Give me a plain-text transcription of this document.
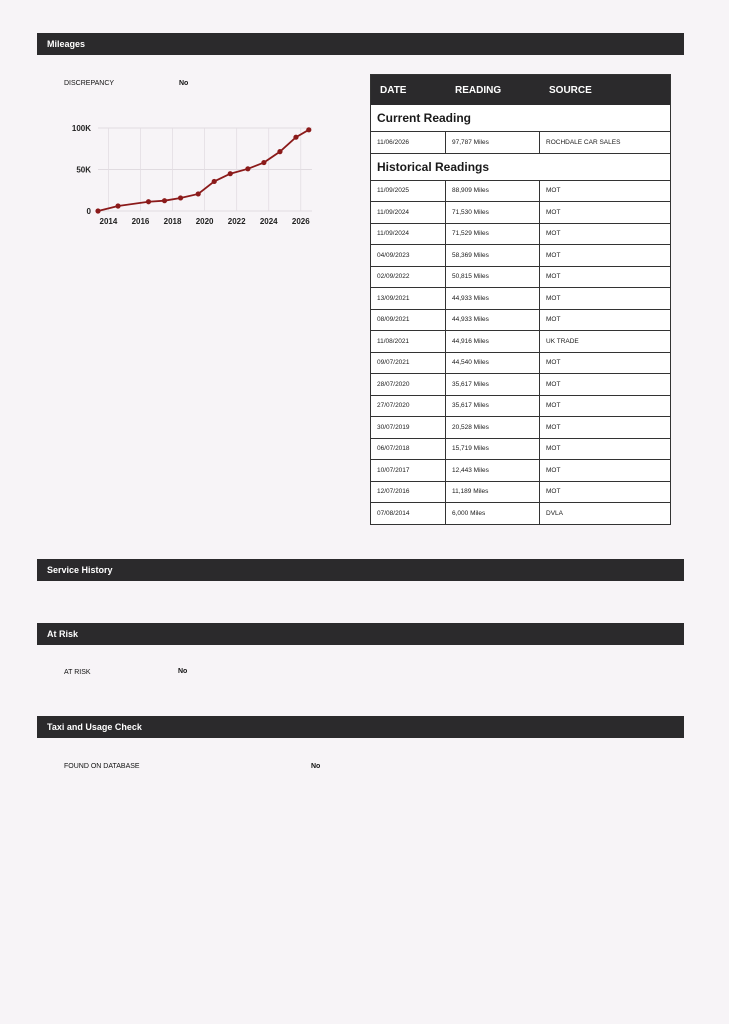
Mileages
DISCREPANCY	No
0
50K
100K
2014 2016 2018 2020 2022 2024 2026
DATE	READING	SOURCE
Current Reading
11/06/2026	97,787 Miles	ROCHDALE CAR SALES
Historical Readings
11/09/2025	88,909 Miles	MOT
11/09/2024	71,530 Miles	MOT
11/09/2024	71,529 Miles	MOT
04/09/2023	58,369 Miles	MOT
02/09/2022	50,815 Miles	MOT
13/09/2021	44,933 Miles	MOT
08/09/2021	44,933 Miles	MOT
11/08/2021	44,916 Miles	UK TRADE
09/07/2021	44,540 Miles	MOT
28/07/2020	35,617 Miles	MOT
27/07/2020	35,617 Miles	MOT
30/07/2019	20,528 Miles	MOT
06/07/2018	15,719 Miles	MOT
10/07/2017	12,443 Miles	MOT
12/07/2016	11,189 Miles	MOT
07/08/2014	6,000 Miles	DVLA
Service History
At Risk
AT RISK	No
Taxi and Usage Check
FOUND ON DATABASE	No
